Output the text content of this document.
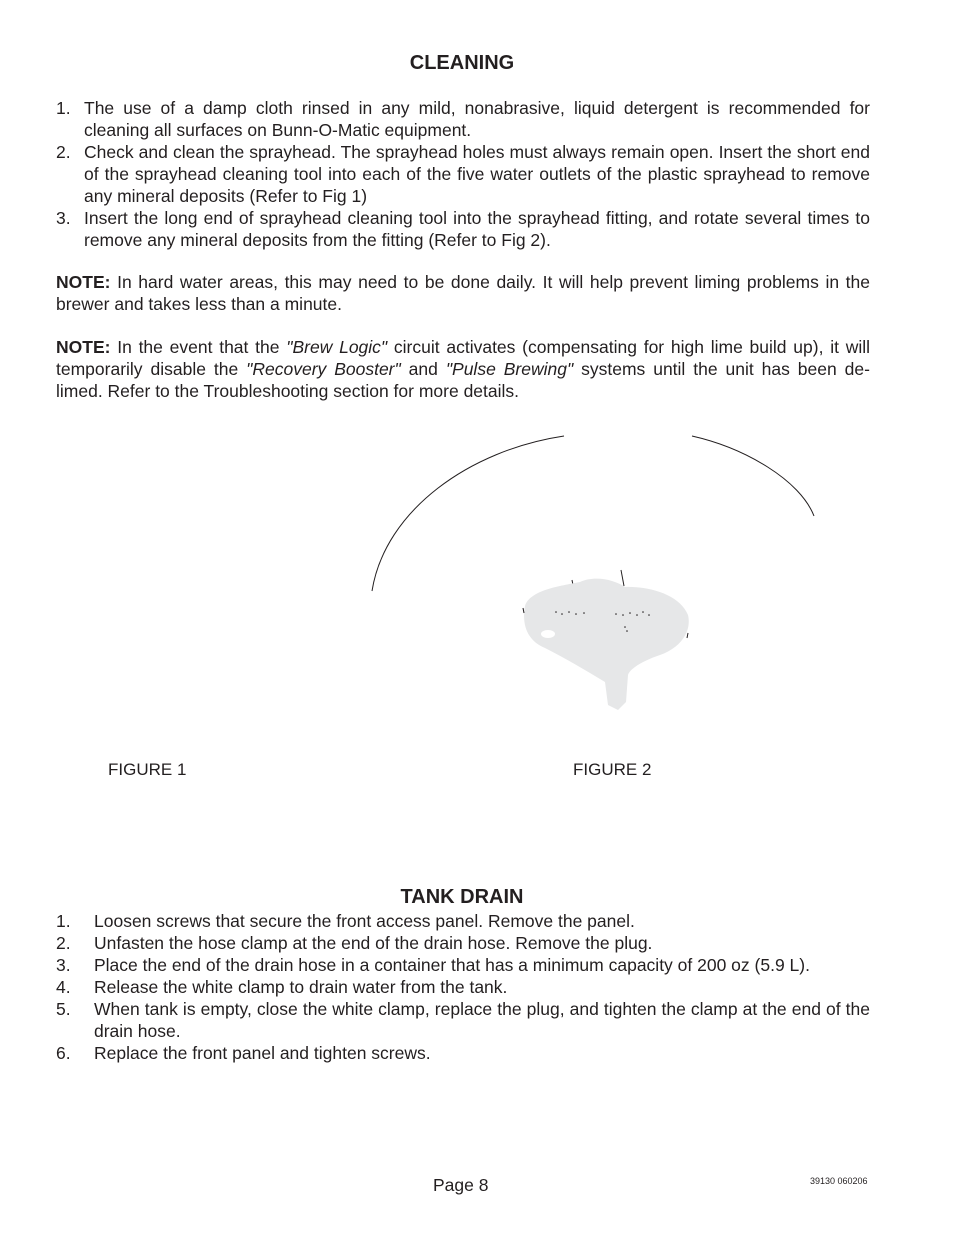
CLEANING
1. The use of a damp cloth rinsed in any mild, nonabrasive, liquid detergent is recommended for cleaning all surfaces on Bunn-O-Matic equipment.
2. Check and clean the sprayhead. The sprayhead holes must always remain open. Insert the short end of the sprayhead cleaning tool into each of the five water outlets of the plastic sprayhead to remove any mineral deposits (Refer to Fig 1)
3. Insert the long end of sprayhead cleaning tool into the sprayhead fitting, and rotate several times to remove any mineral deposits from the fitting (Refer to Fig 2).
NOTE: In hard water areas, this may need to be done daily. It will help prevent liming problems in the brewer and takes less than a minute.
NOTE: In the event that the "Brew Logic" circuit activates (compensating for high lime build up), it will temporarily disable the "Recovery Booster" and "Pulse Brewing" systems until the unit has been de-limed. Refer to the Troubleshooting section for more details.
FIGURE 1	FIGURE 2
TANK DRAIN
1. Loosen screws that secure the front access panel. Remove the panel.
2. Unfasten the hose clamp at the end of the drain hose. Remove the plug.
3. Place the end of the drain hose in a container that has a minimum capacity of 200 oz (5.9 L).
4. Release the white clamp to drain water from the tank.
5. When tank is empty, close the white clamp, replace the plug, and tighten the clamp at the end of the drain hose.
6. Replace the front panel and tighten screws.
Page 8	39130 060206
